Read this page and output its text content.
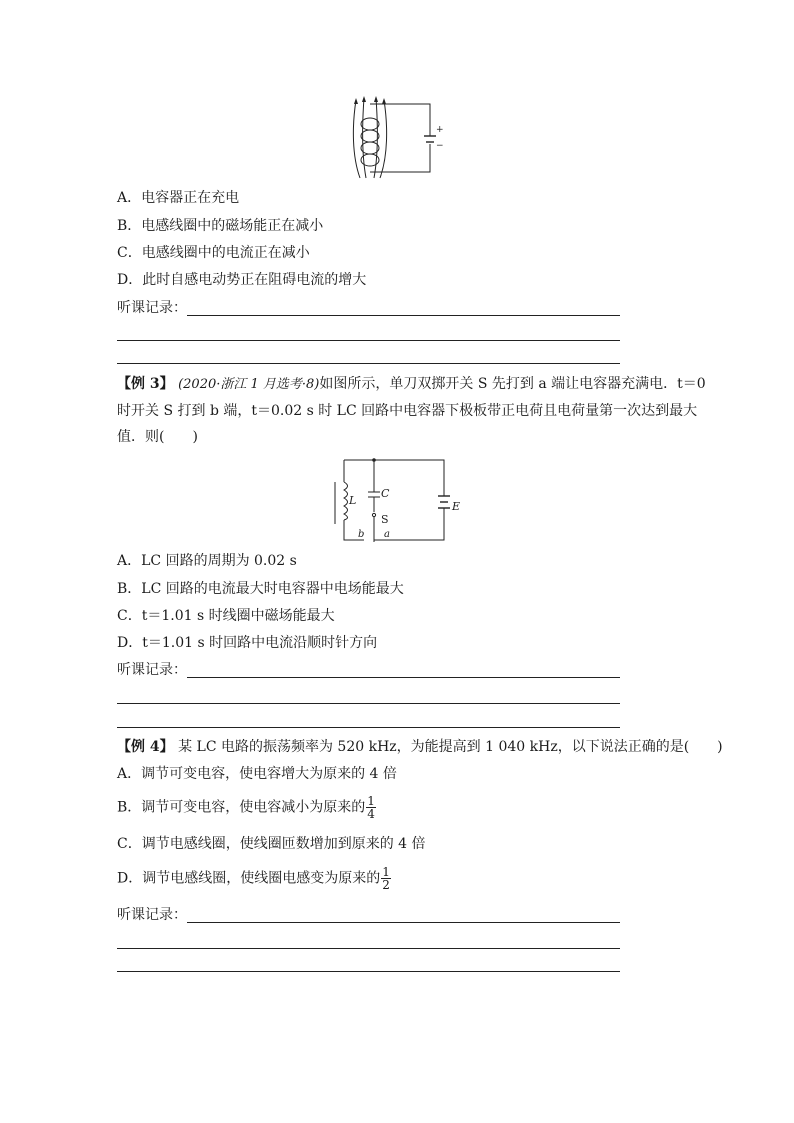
+
−
A．电容器正在充电
B．电感线圈中的磁场能正在减小
C．电感线圈中的电流正在减小
D．此时自感电动势正在阻碍电流的增大
听课记录：
【例 3】 (2020·浙江 1 月选考·8)如图所示，单刀双掷开关 S 先打到 a 端让电容器充满电．t＝0
时开关 S 打到 b 端，t＝0.02 s 时 LC 回路中电容器下极板带正电荷且电荷量第一次达到最大
值．则(　　)
L
C
S
E
b a
A．LC 回路的周期为 0.02 s
B．LC 回路的电流最大时电容器中电场能最大
C．t＝1.01 s 时线圈中磁场能最大
D．t＝1.01 s 时回路中电流沿顺时针方向
听课记录：
【例 4】 某 LC 电路的振荡频率为 520 kHz，为能提高到 1 040 kHz，以下说法正确的是(　　)
A．调节可变电容，使电容增大为原来的 4 倍
B．调节可变电容，使电容减小为原来的 $\frac{1}{4}$
C．调节电感线圈，使线圈匝数增加到原来的 4 倍
D．调节电感线圈，使线圈电感变为原来的 $\frac{1}{2}$
听课记录：
